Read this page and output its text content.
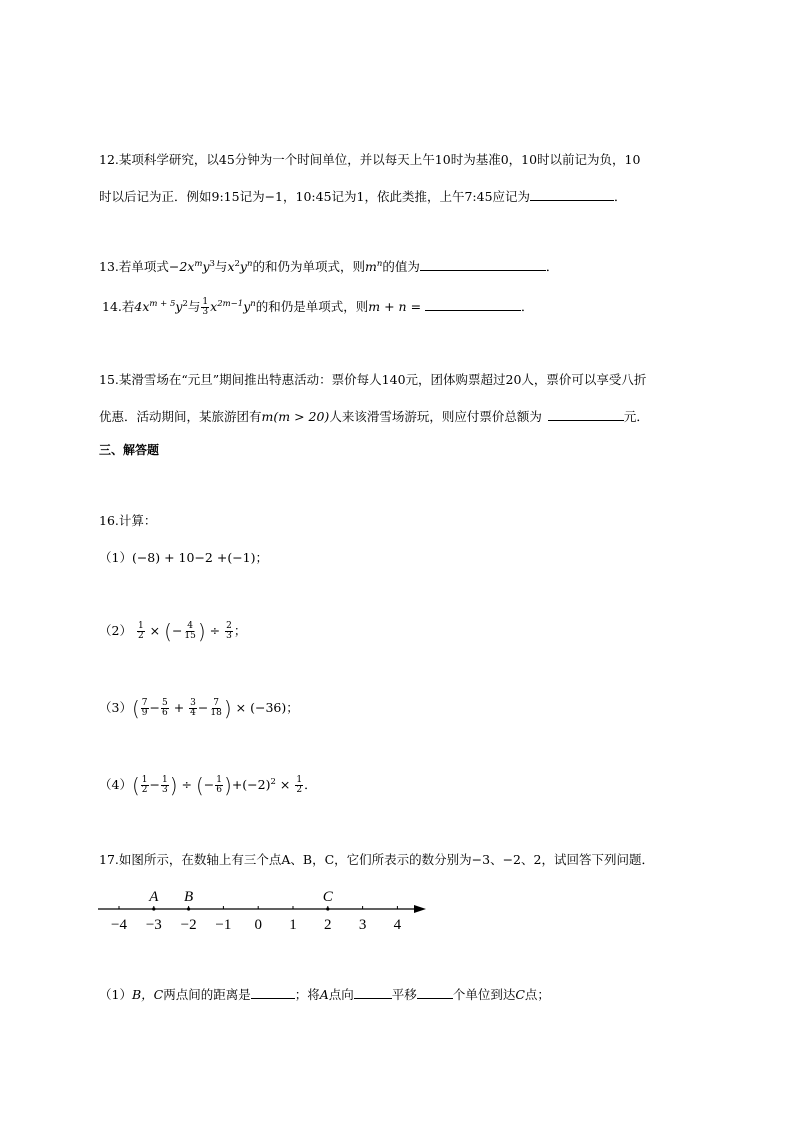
12.某项科学研究，以45分钟为一个时间单位，并以每天上午10时为基准0，10时以前记为负，10
时以后记为正．例如9:15记为−1，10:45记为1，依此类推，上午7:45应记为	．
13.若单项式$-2x^my^3$与$x^2y^n$的和仍为单项式，则$m^n$的值为	．
14.若$4x^{m + 5}y^2$与 $\frac{1}{3} x^{2m-1}y^n$的和仍是单项式，则m + n =	．
15.某滑雪场在“元旦”期间推出特惠活动：票价每人140元，团体购票超过20人，票价可以享受八折
优惠．活动期间，某旅游团有m(m > 20)人来该滑雪场游玩，则应付票价总额为	元．
三、解答题
16.计算：
（1）(−8) + 10−2 +(−1)；
$(2) \frac{1}{2}$ × (− $\frac{4}{15}$ ) ÷ $\frac{2}{3}$ ；
$(3)( \frac{7}{9} - \frac{5}{6} + \frac{3}{4} - \frac{7}{18}$ ) × (−36)；
$(4)( \frac{1}{2} - \frac{1}{3}$ ) ÷ (− $\frac{1}{6} )+(-2)^2 \times \frac{1}{2}$ ．
17.如图所示，在数轴上有三个点A、B，C，它们所表示的数分别为−3、−2、2，试回答下列问题．
−4 −3 −2 −1 0 1 2 3 4
A B	C
（1）B，C两点间的距离是	；将A点向	平移	个单位到达C点；
